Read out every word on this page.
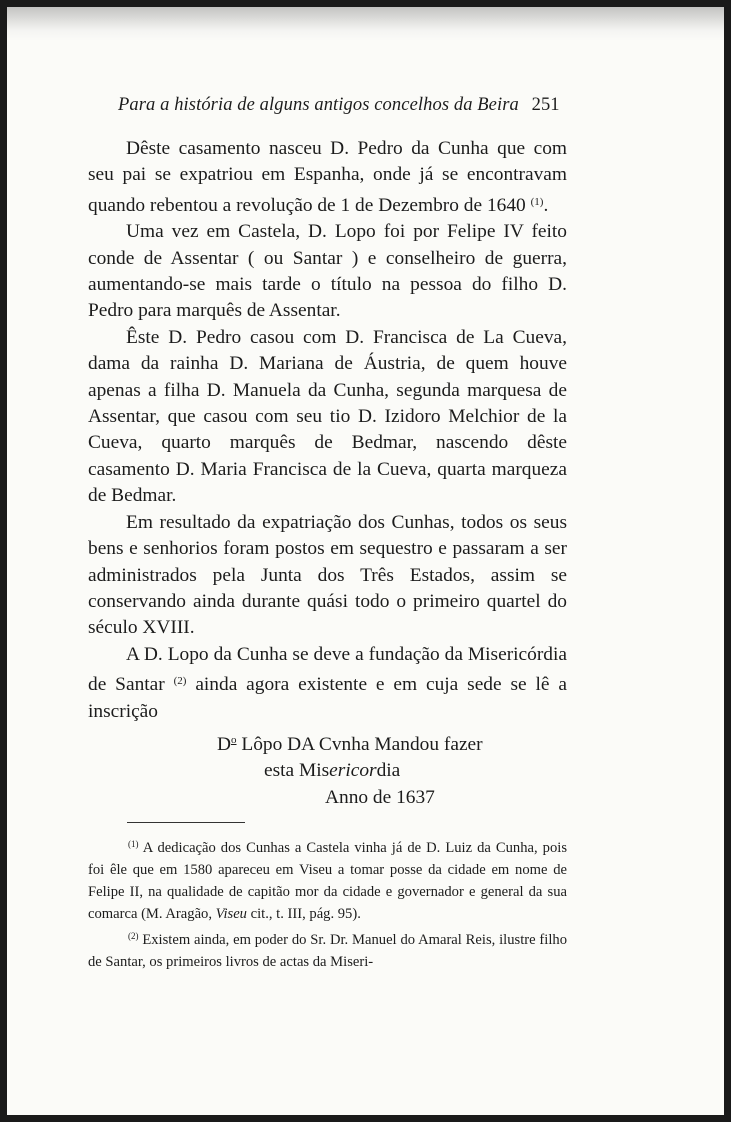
Para a história de alguns antigos concelhos da Beira 251

Dêste casamento nasceu D. Pedro da Cunha que com seu pai se expatriou em Espanha, onde já se encontravam quando rebentou a revolução de 1 de Dezembro de 1640 $^{(1)}$.

Uma vez em Castela, D. Lopo foi por Felipe IV feito conde de Assentar ( ou Santar ) e conselheiro de guerra, aumentando-se mais tarde o título na pessoa do filho D. Pedro para marquês de Assentar.

Êste D. Pedro casou com D. Francisca de La Cueva, dama da rainha D. Mariana de Áustria, de quem houve apenas a filha D. Manuela da Cunha, segunda marquesa de Assentar, que casou com seu tio D. Izidoro Melchior de la Cueva, quarto marquês de Bedmar, nascendo dêste casamento D. Maria Francisca de la Cueva, quarta marqueza de Bedmar.

Em resultado da expatriação dos Cunhas, todos os seus bens e senhorios foram postos em sequestro e passaram a ser administrados pela Junta dos Três Estados, assim se conservando ainda durante quási todo o primeiro quartel do século XVIII.

A D. Lopo da Cunha se deve a fundação da Misericórdia de Santar $^{(2)}$ ainda agora existente e em cuja sede se lê a inscrição

$D^o$ Lôpo DA Cvnha Mandou fazer
esta Misericordia
Anno de 1637

$^{(1)}$ A dedicação dos Cunhas a Castela vinha já de D. Luiz da Cunha, pois foi êle que em 1580 apareceu em Viseu a tomar posse da cidade em nome de Felipe II, na qualidade de capitão mor da cidade e governador e general da sua comarca (M. Aragão, Viseu cit., t. III, pág. 95).

$^{(2)}$ Existem ainda, em poder do Sr. Dr. Manuel do Amaral Reis, ilustre filho de Santar, os primeiros livros de actas da Miseri-
